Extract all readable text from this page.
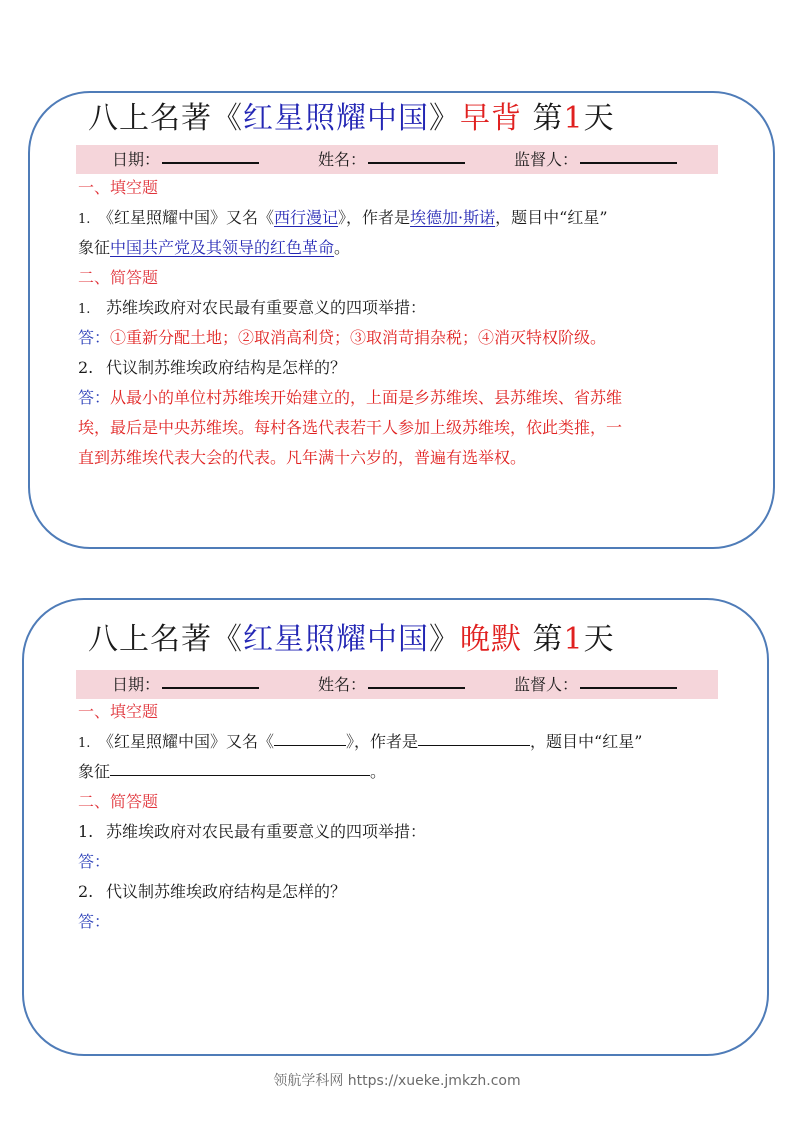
八上名著《红星照耀中国》早背 第1天
日期：	姓名：	监督人：
一、填空题
1. 《红星照耀中国》又名《西行漫记》，作者是埃德加·斯诺，题目中“红星”
象征中国共产党及其领导的红色革命。
二、简答题
1. 苏维埃政府对农民最有重要意义的四项举措：
答：①重新分配土地；②取消高利贷；③取消苛捐杂税；④消灭特权阶级。
2. 代议制苏维埃政府结构是怎样的？
答：从最小的单位村苏维埃开始建立的，上面是乡苏维埃、县苏维埃、省苏维
埃，最后是中央苏维埃。每村各选代表若干人参加上级苏维埃，依此类推，一
直到苏维埃代表大会的代表。凡年满十六岁的，普遍有选举权。
八上名著《红星照耀中国》晚默 第1天
日期：	姓名：	监督人：
一、填空题
1. 《红星照耀中国》又名《	》，作者是	，题目中“红星”
象征	。
二、简答题
1. 苏维埃政府对农民最有重要意义的四项举措：
答：
2. 代议制苏维埃政府结构是怎样的？
答：
领航学科网 https://xueke.jmkzh.com
